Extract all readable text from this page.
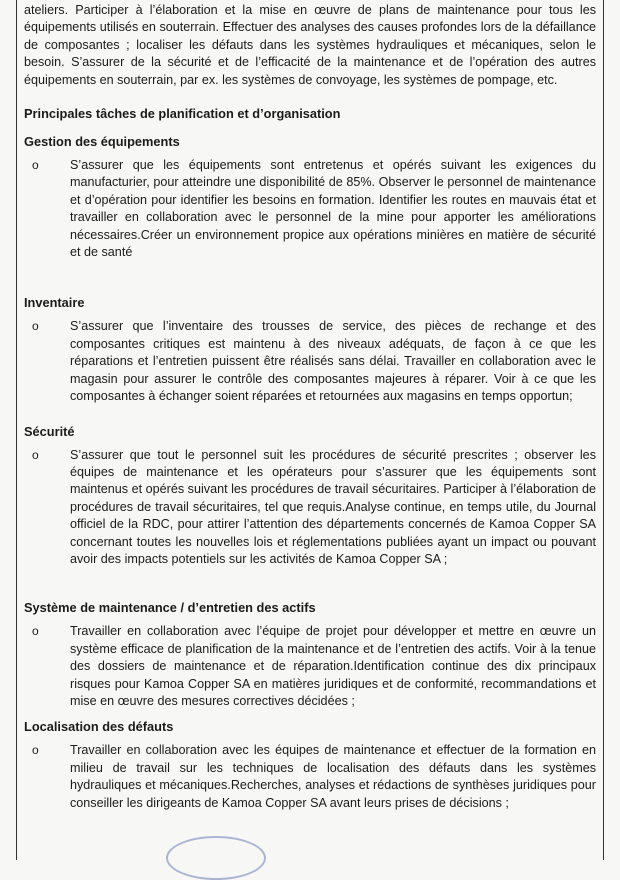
ateliers. Participer à l’élaboration et la mise en œuvre de plans de maintenance pour tous les équipements utilisés en souterrain. Effectuer des analyses des causes profondes lors de la défaillance de composantes ; localiser les défauts dans les systèmes hydrauliques et mécaniques, selon le besoin. S’assurer de la sécurité et de l’efficacité de la maintenance et de l’opération des autres équipements en souterrain, par ex. les systèmes de convoyage, les systèmes de pompage, etc.

Principales tâches de planification et d’organisation

Gestion des équipements

o S’assurer que les équipements sont entretenus et opérés suivant les exigences du manufacturier, pour atteindre une disponibilité de 85%. Observer le personnel de maintenance et d’opération pour identifier les besoins en formation. Identifier les routes en mauvais état et travailler en collaboration avec le personnel de la mine pour apporter les améliorations nécessaires.Créer un environnement propice aux opérations minières en matière de sécurité et de santé

Inventaire

o S’assurer que l’inventaire des trousses de service, des pièces de rechange et des composantes critiques est maintenu à des niveaux adéquats, de façon à ce que les réparations et l’entretien puissent être réalisés sans délai. Travailler en collaboration avec le magasin pour assurer le contrôle des composantes majeures à réparer. Voir à ce que les composantes à échanger soient réparées et retournées aux magasins en temps opportun;

Sécurité

o S’assurer que tout le personnel suit les procédures de sécurité prescrites ; observer les équipes de maintenance et les opérateurs pour s’assurer que les équipements sont maintenus et opérés suivant les procédures de travail sécuritaires. Participer à l’élaboration de procédures de travail sécuritaires, tel que requis.Analyse continue, en temps utile, du Journal officiel de la RDC, pour attirer l’attention des départements concernés de Kamoa Copper SA concernant toutes les nouvelles lois et réglementations publiées ayant un impact ou pouvant avoir des impacts potentiels sur les activités de Kamoa Copper SA ;

Système de maintenance / d’entretien des actifs

o Travailler en collaboration avec l’équipe de projet pour développer et mettre en œuvre un système efficace de planification de la maintenance et de l’entretien des actifs. Voir à la tenue des dossiers de maintenance et de réparation.Identification continue des dix principaux risques pour Kamoa Copper SA en matières juridiques et de conformité, recommandations et mise en œuvre des mesures correctives décidées ;

Localisation des défauts

o Travailler en collaboration avec les équipes de maintenance et effectuer de la formation en milieu de travail sur les techniques de localisation des défauts dans les systèmes hydrauliques et mécaniques.Recherches, analyses et rédactions de synthèses juridiques pour conseiller les dirigeants de Kamoa Copper SA avant leurs prises de décisions ;
